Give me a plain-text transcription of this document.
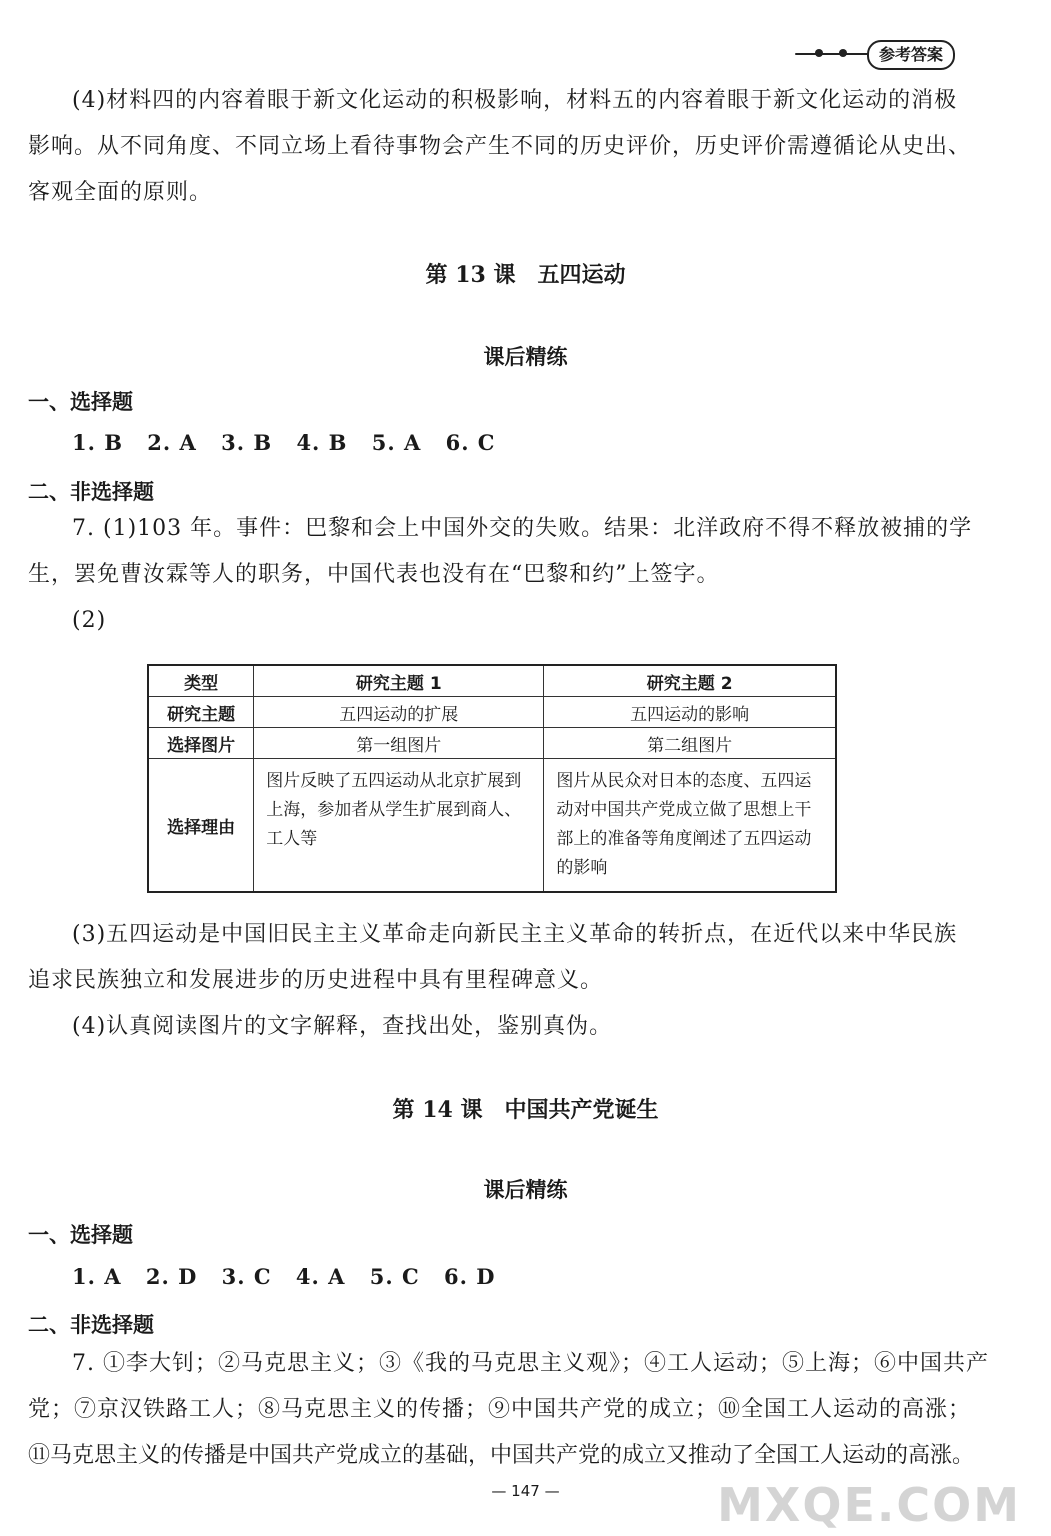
参考答案
(4)材料四的内容着眼于新文化运动的积极影响，材料五的内容着眼于新文化运动的消极
影响。从不同角度、不同立场上看待事物会产生不同的历史评价，历史评价需遵循论从史出、
客观全面的原则。
第 13 课　五四运动
课后精练
一、选择题
1. B 2. A 3. B 4. B 5. A 6. C
二、非选择题
7. (1)103 年。事件：巴黎和会上中国外交的失败。结果：北洋政府不得不释放被捕的学
生，罢免曹汝霖等人的职务，中国代表也没有在“巴黎和约”上签字。
(2)
类型	研究主题 1	研究主题 2
研究主题	五四运动的扩展	五四运动的影响
选择图片	第一组图片	第二组图片
选择理由	图片反映了五四运动从北京扩展到上海，参加者从学生扩展到商人、工人等	图片从民众对日本的态度、五四运动对中国共产党成立做了思想上干部上的准备等角度阐述了五四运动的影响
(3)五四运动是中国旧民主主义革命走向新民主主义革命的转折点，在近代以来中华民族
追求民族独立和发展进步的历史进程中具有里程碑意义。
(4)认真阅读图片的文字解释，查找出处，鉴别真伪。
第 14 课　中国共产党诞生
课后精练
一、选择题
1. A 2. D 3. C 4. A 5. C 6. D
二、非选择题
7. ①李大钊；②马克思主义；③《我的马克思主义观》；④工人运动；⑤上海；⑥中国共产
党；⑦京汉铁路工人；⑧马克思主义的传播；⑨中国共产党的成立；⑩全国工人运动的高涨；
⑪马克思主义的传播是中国共产党成立的基础，中国共产党的成立又推动了全国工人运动的高涨。
— 147 —	MXQE.COM
